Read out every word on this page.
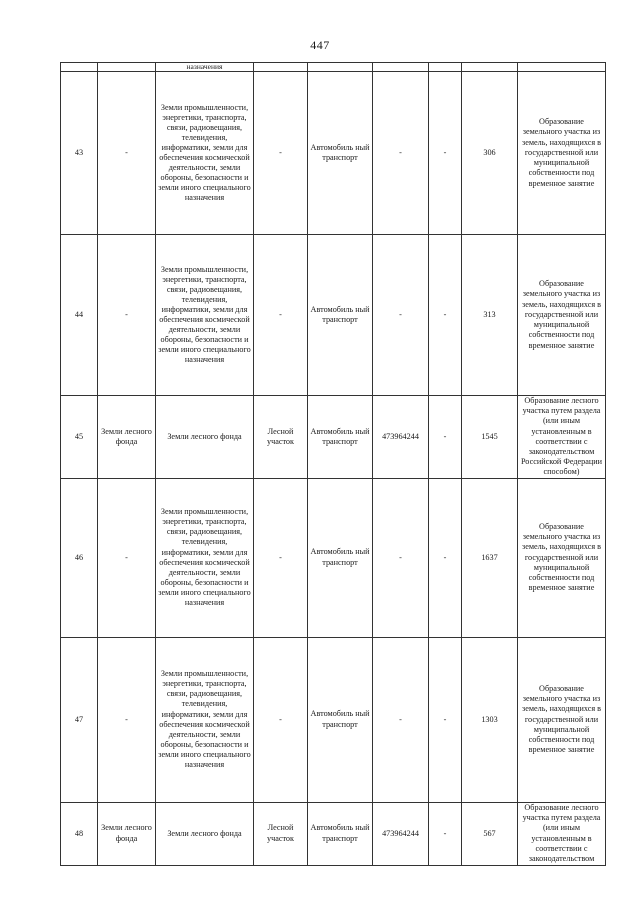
447
		назначения						
43	-	Земли промышленности, энергетики, транспорта, связи, радиовещания, телевидения, информатики, земли для обеспечения космической деятельности, земли обороны, безопасности и земли иного специального назначения	-	Автомобиль ный транспорт	-	-	306	Образование земельного участка из земель, находящихся в государственной или муниципальной собственности под временное занятие
44	-	Земли промышленности, энергетики, транспорта, связи, радиовещания, телевидения, информатики, земли для обеспечения космической деятельности, земли обороны, безопасности и земли иного специального назначения	-	Автомобиль ный транспорт	-	-	313	Образование земельного участка из земель, находящихся в государственной или муниципальной собственности под временное занятие
45	Земли лесного фонда	Земли лесного фонда	Лесной участок	Автомобиль ный транспорт	473964244	-	1545	Образование лесного участка путем раздела (или иным установленным в соответствии с законодательством Российской Федерации способом)
46	-	Земли промышленности, энергетики, транспорта, связи, радиовещания, телевидения, информатики, земли для обеспечения космической деятельности, земли обороны, безопасности и земли иного специального назначения	-	Автомобиль ный транспорт	-	-	1637	Образование земельного участка из земель, находящихся в государственной или муниципальной собственности под временное занятие
47	-	Земли промышленности, энергетики, транспорта, связи, радиовещания, телевидения, информатики, земли для обеспечения космической деятельности, земли обороны, безопасности и земли иного специального назначения	-	Автомобиль ный транспорт	-	-	1303	Образование земельного участка из земель, находящихся в государственной или муниципальной собственности под временное занятие
48	Земли лесного фонда	Земли лесного фонда	Лесной участок	Автомобиль ный транспорт	473964244	-	567	Образование лесного участка путем раздела (или иным установленным в соответствии с законодательством
